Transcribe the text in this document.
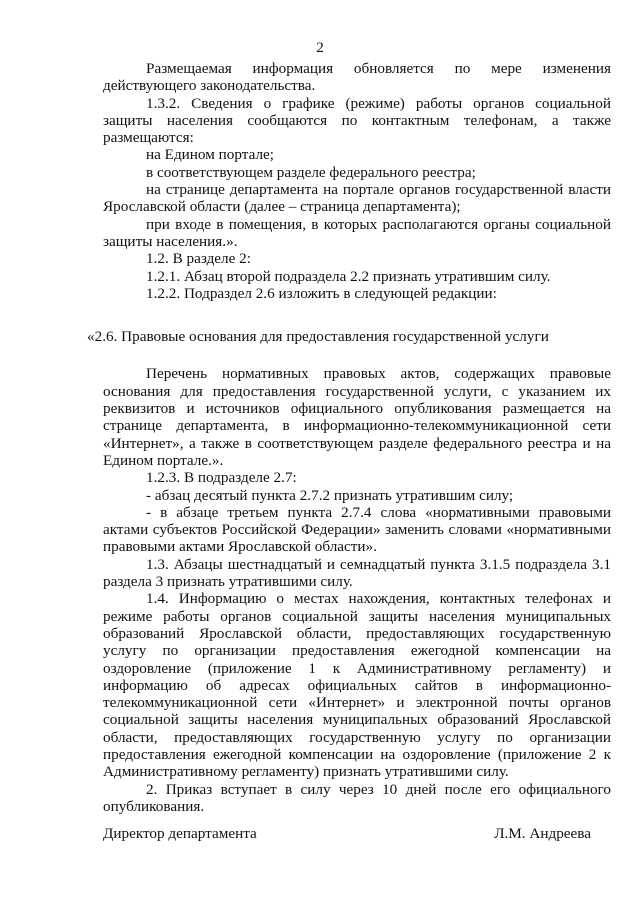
2

Размещаемая информация обновляется по мере изменения действующего законодательства.

1.3.2. Сведения о графике (режиме) работы органов социальной защиты населения сообщаются по контактным телефонам, а также размещаются:

на Едином портале;

в соответствующем разделе федерального реестра;

на странице департамента на портале органов государственной власти Ярославской области (далее – страница департамента);

при входе в помещения, в которых располагаются органы социальной защиты населения.».

1.2. В разделе 2:

1.2.1. Абзац второй подраздела 2.2 признать утратившим силу.

1.2.2. Подраздел 2.6 изложить в следующей редакции:

«2.6. Правовые основания для предоставления государственной услуги

Перечень нормативных правовых актов, содержащих правовые основания для предоставления государственной услуги, с указанием их реквизитов и источников официального опубликования размещается на странице департамента, в информационно-телекоммуникационной сети «Интернет», а также в соответствующем разделе федерального реестра и на Едином портале.».

1.2.3. В подразделе 2.7:

- абзац десятый пункта 2.7.2 признать утратившим силу;

- в абзаце третьем пункта 2.7.4 слова «нормативными правовыми актами субъектов Российской Федерации» заменить словами «нормативными правовыми актами Ярославской области».

1.3. Абзацы шестнадцатый и семнадцатый пункта 3.1.5 подраздела 3.1 раздела 3 признать утратившими силу.

1.4. Информацию о местах нахождения, контактных телефонах и режиме работы органов социальной защиты населения муниципальных образований Ярославской области, предоставляющих государственную услугу по организации предоставления ежегодной компенсации на оздоровление (приложение 1 к Административному регламенту) и информацию об адресах официальных сайтов в информационно-телекоммуникационной сети «Интернет» и электронной почты органов социальной защиты населения муниципальных образований Ярославской области, предоставляющих государственную услугу по организации предоставления ежегодной компенсации на оздоровление (приложение 2 к Административному регламенту) признать утратившими силу.

2. Приказ вступает в силу через 10 дней после его официального опубликования.

Директор департамента	Л.М. Андреева
